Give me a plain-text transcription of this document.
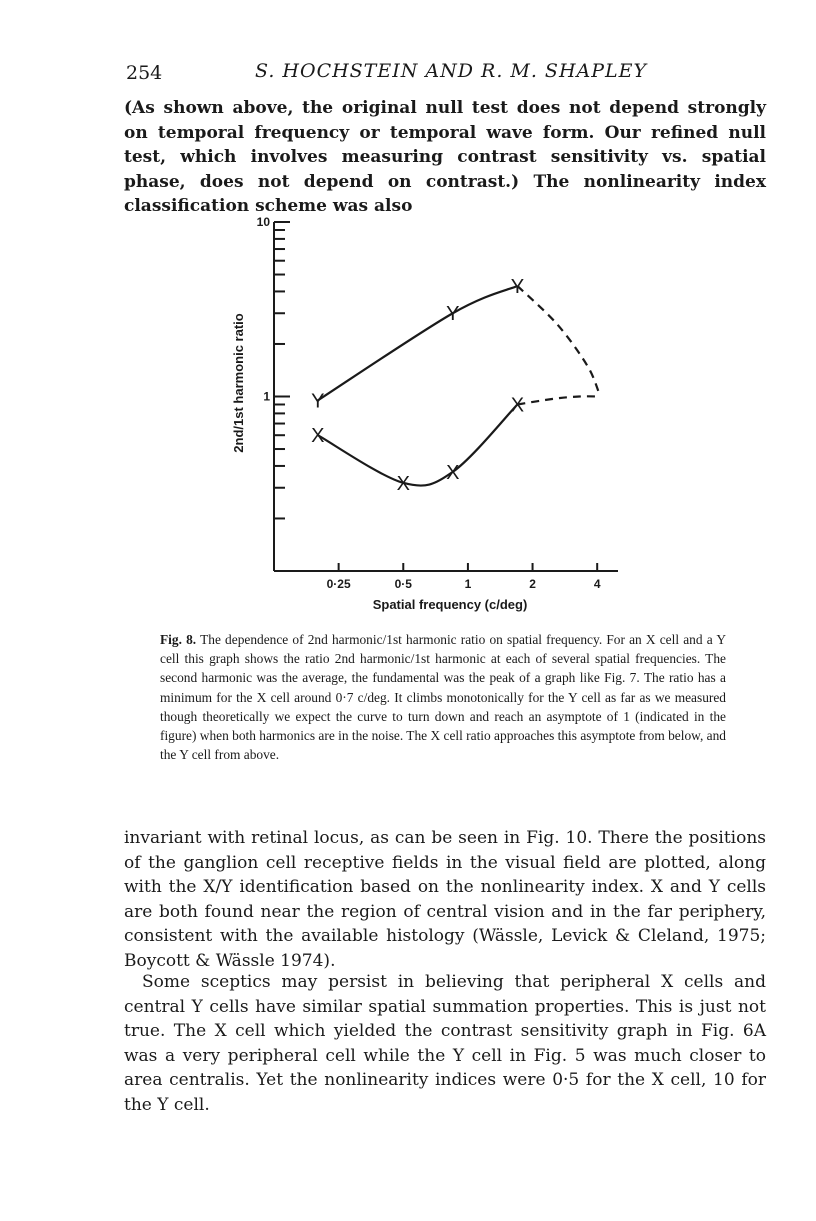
254	S. HOCHSTEIN AND R. M. SHAPLEY

(As shown above, the original null test does not depend strongly on temporal frequency or temporal wave form. Our refined null test, which involves measuring contrast sensitivity vs. spatial phase, does not depend on contrast.) The nonlinearity index classification scheme was also

10
1
0·25	0·5	1	2	4
Y
Y
Y
X
X
X
X
Spatial frequency (c/deg)
2nd/1st harmonic ratio

Fig. 8. The dependence of 2nd harmonic/1st harmonic ratio on spatial frequency. For an X cell and a Y cell this graph shows the ratio 2nd harmonic/1st harmonic at each of several spatial frequencies. The second harmonic was the average, the fundamental was the peak of a graph like Fig. 7. The ratio has a minimum for the X cell around 0·7 c/deg. It climbs monotonically for the Y cell as far as we measured though theoretically we expect the curve to turn down and reach an asymptote of 1 (indicated in the figure) when both harmonics are in the noise. The X cell ratio approaches this asymptote from below, and the Y cell from above.

invariant with retinal locus, as can be seen in Fig. 10. There the positions of the ganglion cell receptive fields in the visual field are plotted, along with the X/Y identification based on the nonlinearity index. X and Y cells are both found near the region of central vision and in the far periphery, consistent with the available histology (Wässle, Levick & Cleland, 1975; Boycott & Wässle 1974).

Some sceptics may persist in believing that peripheral X cells and central Y cells have similar spatial summation properties. This is just not true. The X cell which yielded the contrast sensitivity graph in Fig. 6A was a very peripheral cell while the Y cell in Fig. 5 was much closer to area centralis. Yet the nonlinearity indices were 0·5 for the X cell, 10 for the Y cell.
